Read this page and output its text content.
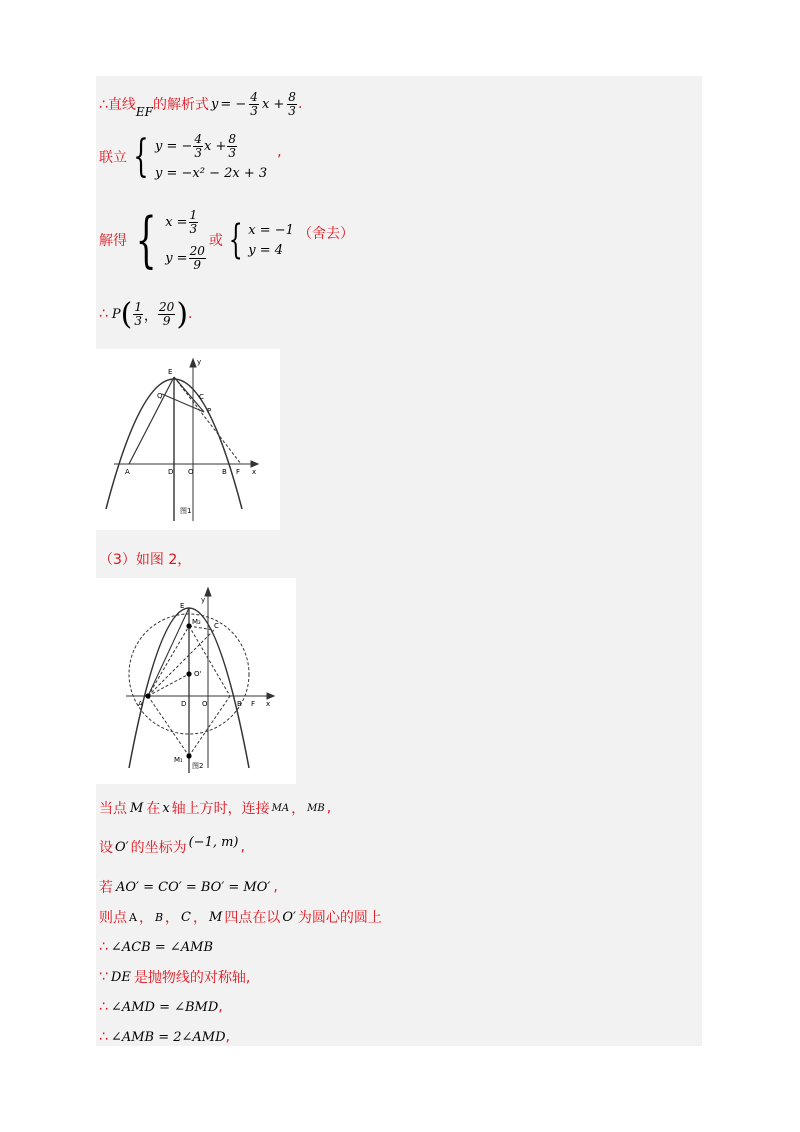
∴直线 EF 的解析式 y = − $\frac{4}{3}$ $x + \frac{8}{3}$ .
联立 { y = − $\frac{4}{3}$ $x + \frac{8}{3}$
y = −x² − 2x + 3
,
解得 { $x = \frac{1}{3}$
$y = \frac{20}{9}$
或 { x = −1
y = 4
（舍去）
∴ P ( $\frac{1}{3}$ ， $\frac{20}{9}$ ) .
E
y
Q	C
P
A	D O	B F x
图1
（3）如图 2，
E
y
M₂ C
O'
A	D O	B F x
M₁
图2
当点 M 在 x 轴上方时，连接 MA ， MB ,
设 O′ 的坐标为 (−1, m) ,
若 AO′ = CO′ = BO′ = MO′ ,
则点 A ， B ， C ， M 四点在以 O′ 为圆心的圆上
∴ ∠ACB = ∠AMB
∵ DE 是抛物线的对称轴,
∴ ∠AMD = ∠BMD ,
∴ ∠AMB = 2∠AMD ,
